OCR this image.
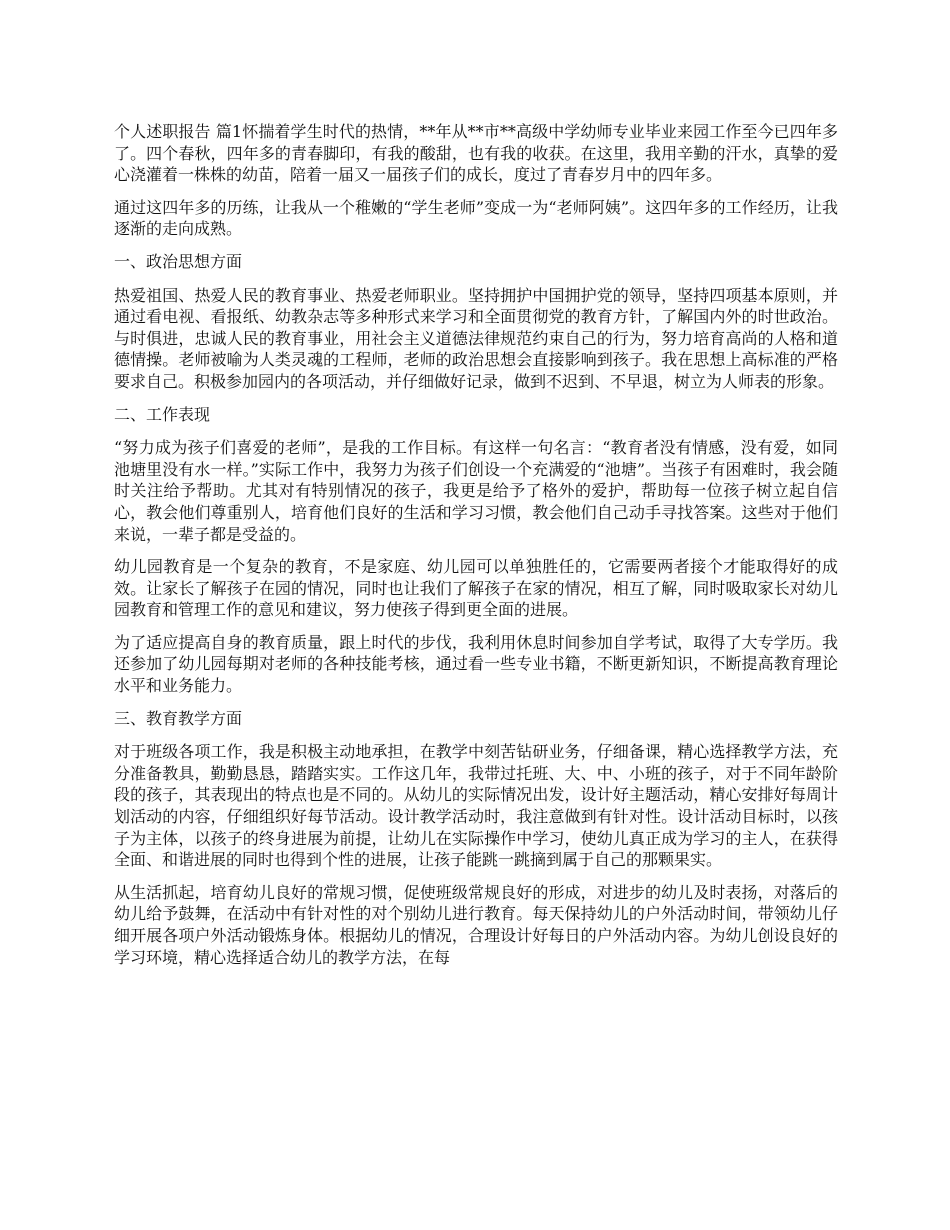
个人述职报告 篇1怀揣着学生时代的热情，**年从**市**高级中学幼师专业毕业来园工作至今已四年多了。四个春秋，四年多的青春脚印，有我的酸甜，也有我的收获。在这里，我用辛勤的汗水，真挚的爱心浇灌着一株株的幼苗，陪着一届又一届孩子们的成长，度过了青春岁月中的四年多。

通过这四年多的历练，让我从一个稚嫩的“学生老师”变成一为“老师阿姨”。这四年多的工作经历，让我逐渐的走向成熟。

一、政治思想方面

热爱祖国、热爱人民的教育事业、热爱老师职业。坚持拥护中国拥护党的领导，坚持四项基本原则，并通过看电视、看报纸、幼教杂志等多种形式来学习和全面贯彻党的教育方针，了解国内外的时世政治。与时俱进，忠诚人民的教育事业，用社会主义道德法律规范约束自己的行为，努力培育高尚的人格和道德情操。老师被喻为人类灵魂的工程师，老师的政治思想会直接影响到孩子。我在思想上高标准的严格要求自己。积极参加园内的各项活动，并仔细做好记录，做到不迟到、不早退，树立为人师表的形象。

二、工作表现

“努力成为孩子们喜爱的老师”，是我的工作目标。有这样一句名言：“教育者没有情感，没有爱，如同池塘里没有水一样。”实际工作中，我努力为孩子们创设一个充满爱的“池塘”。当孩子有困难时，我会随时关注给予帮助。尤其对有特别情况的孩子，我更是给予了格外的爱护，帮助每一位孩子树立起自信心，教会他们尊重别人，培育他们良好的生活和学习习惯，教会他们自己动手寻找答案。这些对于他们来说，一辈子都是受益的。

幼儿园教育是一个复杂的教育，不是家庭、幼儿园可以单独胜任的，它需要两者接个才能取得好的成效。让家长了解孩子在园的情况，同时也让我们了解孩子在家的情况，相互了解，同时吸取家长对幼儿园教育和管理工作的意见和建议，努力使孩子得到更全面的进展。

为了适应提高自身的教育质量，跟上时代的步伐，我利用休息时间参加自学考试，取得了大专学历。我还参加了幼儿园每期对老师的各种技能考核，通过看一些专业书籍，不断更新知识，不断提高教育理论水平和业务能力。

三、教育教学方面

对于班级各项工作，我是积极主动地承担，在教学中刻苦钻研业务，仔细备课，精心选择教学方法，充分准备教具，勤勤恳恳，踏踏实实。工作这几年，我带过托班、大、中、小班的孩子，对于不同年龄阶段的孩子，其表现出的特点也是不同的。从幼儿的实际情况出发，设计好主题活动，精心安排好每周计划活动的内容，仔细组织好每节活动。设计教学活动时，我注意做到有针对性。设计活动目标时，以孩子为主体，以孩子的终身进展为前提，让幼儿在实际操作中学习，使幼儿真正成为学习的主人，在获得全面、和谐进展的同时也得到个性的进展，让孩子能跳一跳摘到属于自己的那颗果实。

从生活抓起，培育幼儿良好的常规习惯，促使班级常规良好的形成，对进步的幼儿及时表扬，对落后的幼儿给予鼓舞，在活动中有针对性的对个别幼儿进行教育。每天保持幼儿的户外活动时间，带领幼儿仔细开展各项户外活动锻炼身体。根据幼儿的情况，合理设计好每日的户外活动内容。为幼儿创设良好的学习环境，精心选择适合幼儿的教学方法，在每
